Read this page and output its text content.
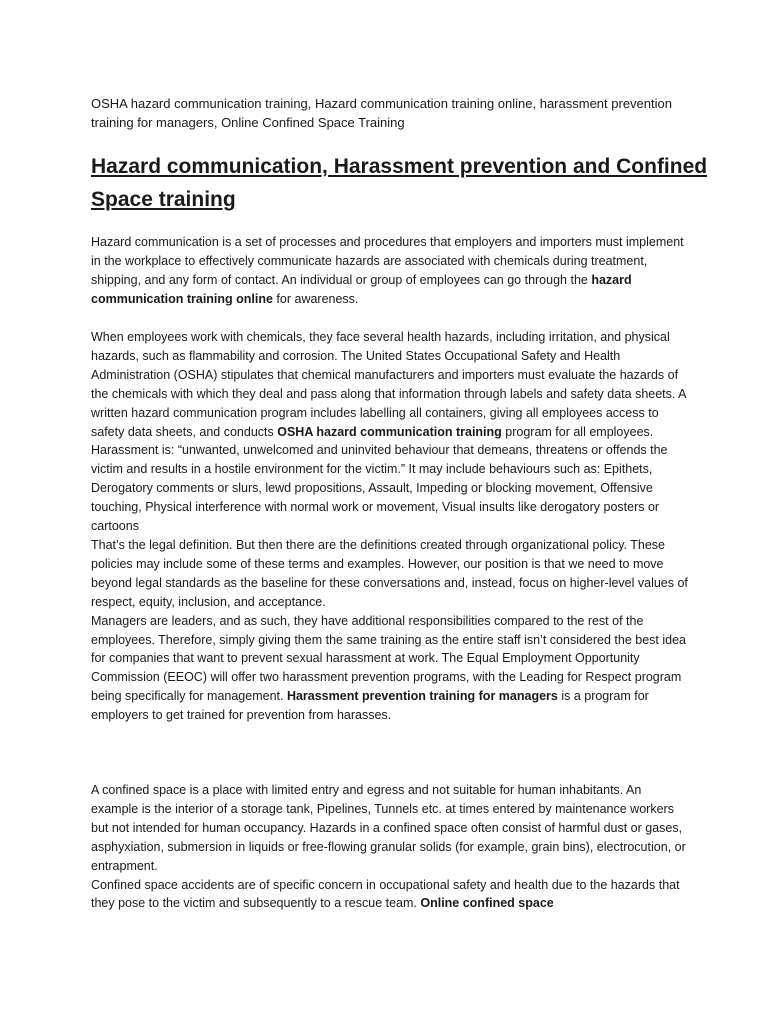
OSHA hazard communication training, Hazard communication training online, harassment prevention training for managers, Online Confined Space Training
Hazard communication, Harassment prevention and Confined Space training

Hazard communication is a set of processes and procedures that employers and importers must implement in the workplace to effectively communicate hazards are associated with chemicals during treatment, shipping, and any form of contact. An individual or group of employees can go through the hazard communication training online for awareness.

When employees work with chemicals, they face several health hazards, including irritation, and physical hazards, such as flammability and corrosion. The United States Occupational Safety and Health Administration (OSHA) stipulates that chemical manufacturers and importers must evaluate the hazards of the chemicals with which they deal and pass along that information through labels and safety data sheets. A written hazard communication program includes labelling all containers, giving all employees access to safety data sheets, and conducts OSHA hazard communication training program for all employees.
Harassment is: “unwanted, unwelcomed and uninvited behaviour that demeans, threatens or offends the victim and results in a hostile environment for the victim.” It may include behaviours such as: Epithets, Derogatory comments or slurs, lewd propositions, Assault, Impeding or blocking movement, Offensive touching, Physical interference with normal work or movement, Visual insults like derogatory posters or cartoons
That’s the legal definition. But then there are the definitions created through organizational policy. These policies may include some of these terms and examples. However, our position is that we need to move beyond legal standards as the baseline for these conversations and, instead, focus on higher-level values of respect, equity, inclusion, and acceptance.
Managers are leaders, and as such, they have additional responsibilities compared to the rest of the employees. Therefore, simply giving them the same training as the entire staff isn’t considered the best idea for companies that want to prevent sexual harassment at work. The Equal Employment Opportunity Commission (EEOC) will offer two harassment prevention programs, with the Leading for Respect program being specifically for management. Harassment prevention training for managers is a program for employers to get trained for prevention from harasses.

A confined space is a place with limited entry and egress and not suitable for human inhabitants. An example is the interior of a storage tank, Pipelines, Tunnels etc. at times entered by maintenance workers but not intended for human occupancy. Hazards in a confined space often consist of harmful dust or gases, asphyxiation, submersion in liquids or free-flowing granular solids (for example, grain bins), electrocution, or entrapment.
Confined space accidents are of specific concern in occupational safety and health due to the hazards that they pose to the victim and subsequently to a rescue team. Online confined space
